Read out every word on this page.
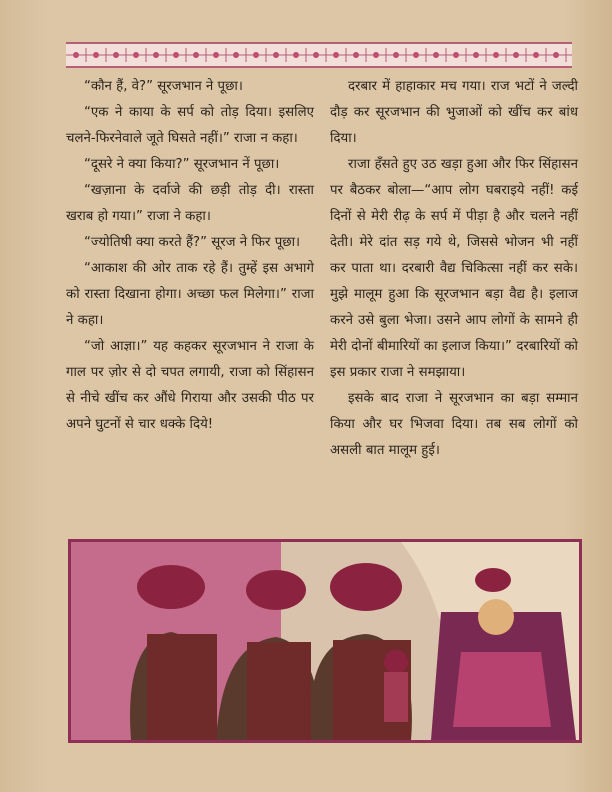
“कौन हैं, वे?” सूरजभान ने पूछा।

“एक ने काया के सर्प को तोड़ दिया। इसलिए चलने-फिरनेवाले जूते घिसते नहीं।” राजा न कहा।

“दूसरे ने क्या किया?” सूरजभान नें पूछा।

“खज़ाना के दर्वाजे की छड़ी तोड़ दी। रास्ता खराब हो गया।” राजा ने कहा।

“ज्योतिषी क्या करते हैं?” सूरज ने फिर पूछा।

“आकाश की ओर ताक रहे हैं। तुम्हें इस अभागे को रास्ता दिखाना होगा। अच्छा फल मिलेगा।” राजा ने कहा।

“जो आज्ञा।” यह कहकर सूरजभान ने राजा के गाल पर ज़ोर से दो चपत लगायी, राजा को सिंहासन से नीचे खींच कर औंधे गिराया और उसकी पीठ पर अपने घुटनों से चार धक्के दिये!

दरबार में हाहाकार मच गया। राज भटों ने जल्दी दौड़ कर सूरजभान की भुजाओं को खींच कर बांध दिया।

राजा हँसते हुए उठ खड़ा हुआ और फिर सिंहासन पर बैठकर बोला—“आप लोग घबराइये नहीं! कई दिनों से मेरी रीढ़ के सर्प में पीड़ा है और चलने नहीं देती। मेरे दांत सड़ गये थे, जिससे भोजन भी नहीं कर पाता था। दरबारी वैद्य चिकित्सा नहीं कर सके। मुझे मालूम हुआ कि सूरजभान बड़ा वैद्य है। इलाज करने उसे बुला भेजा। उसने आप लोगों के सामने ही मेरी दोनों बीमारियों का इलाज किया।” दरबारियों को इस प्रकार राजा ने समझाया।

इसके बाद राजा ने सूरजभान का बड़ा सम्मान किया और घर भिजवा दिया। तब सब लोगों को असली बात मालूम हुई।
